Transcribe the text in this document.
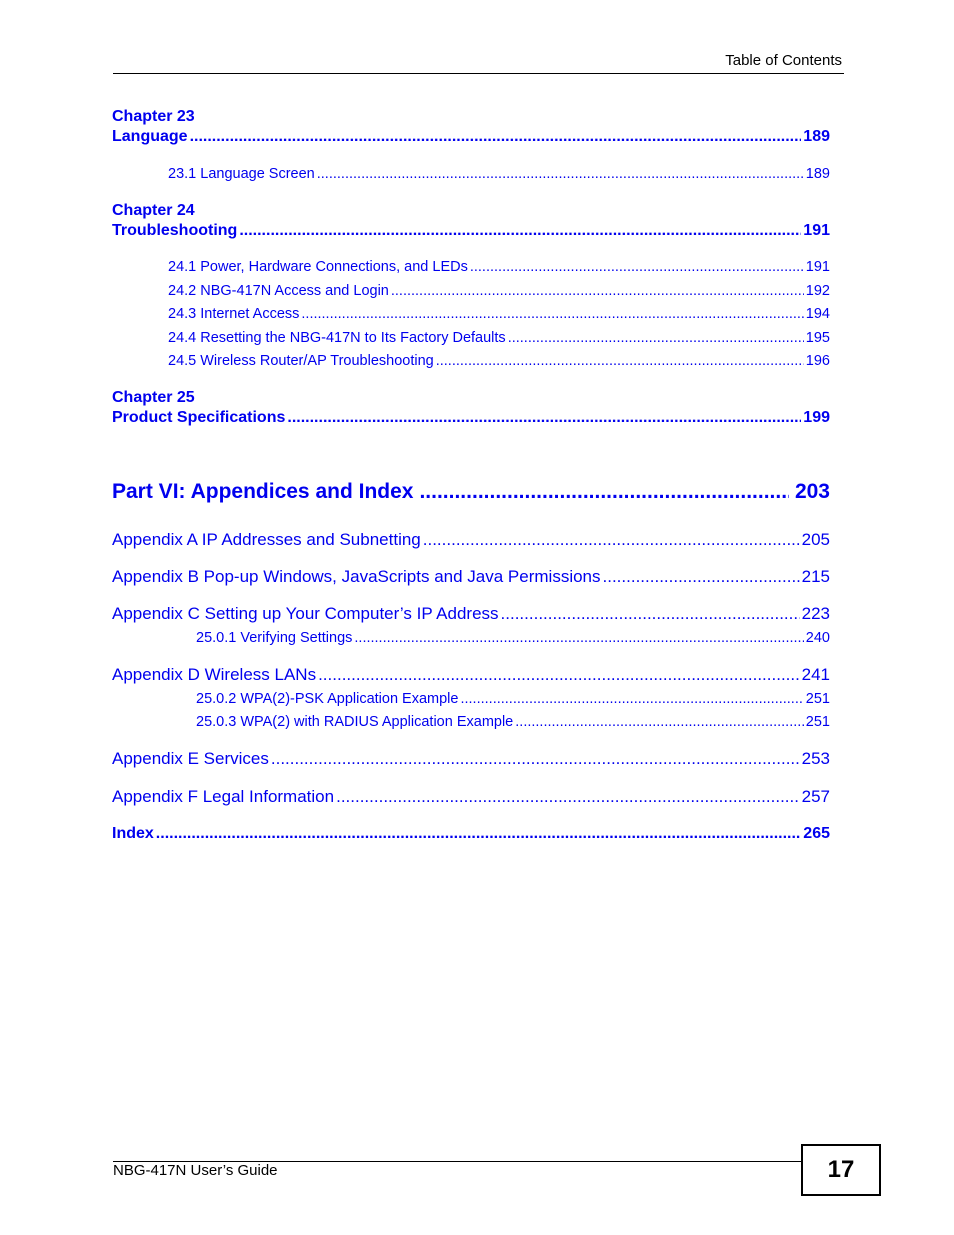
Table of Contents
Chapter 23
Language .....	189
23.1 Language Screen .....	189
Chapter 24
Troubleshooting .....	191
24.1 Power, Hardware Connections, and LEDs .....	191
24.2 NBG-417N Access and Login .....	192
24.3 Internet Access .....	194
24.4 Resetting the NBG-417N to Its Factory Defaults .....	195
24.5 Wireless Router/AP Troubleshooting .....	196
Chapter 25
Product Specifications .....	199
Part VI: Appendices and Index .....	203
Appendix A IP Addresses and Subnetting .....	205
Appendix B Pop-up Windows, JavaScripts and Java Permissions .....	215
Appendix C Setting up Your Computer’s IP Address .....	223
25.0.1 Verifying Settings .....	240
Appendix D Wireless LANs .....	241
25.0.2 WPA(2)-PSK Application Example .....	251
25.0.3 WPA(2) with RADIUS Application Example .....	251
Appendix E Services .....	253
Appendix F Legal Information .....	257
Index .....	265
NBG-417N User’s Guide	17
